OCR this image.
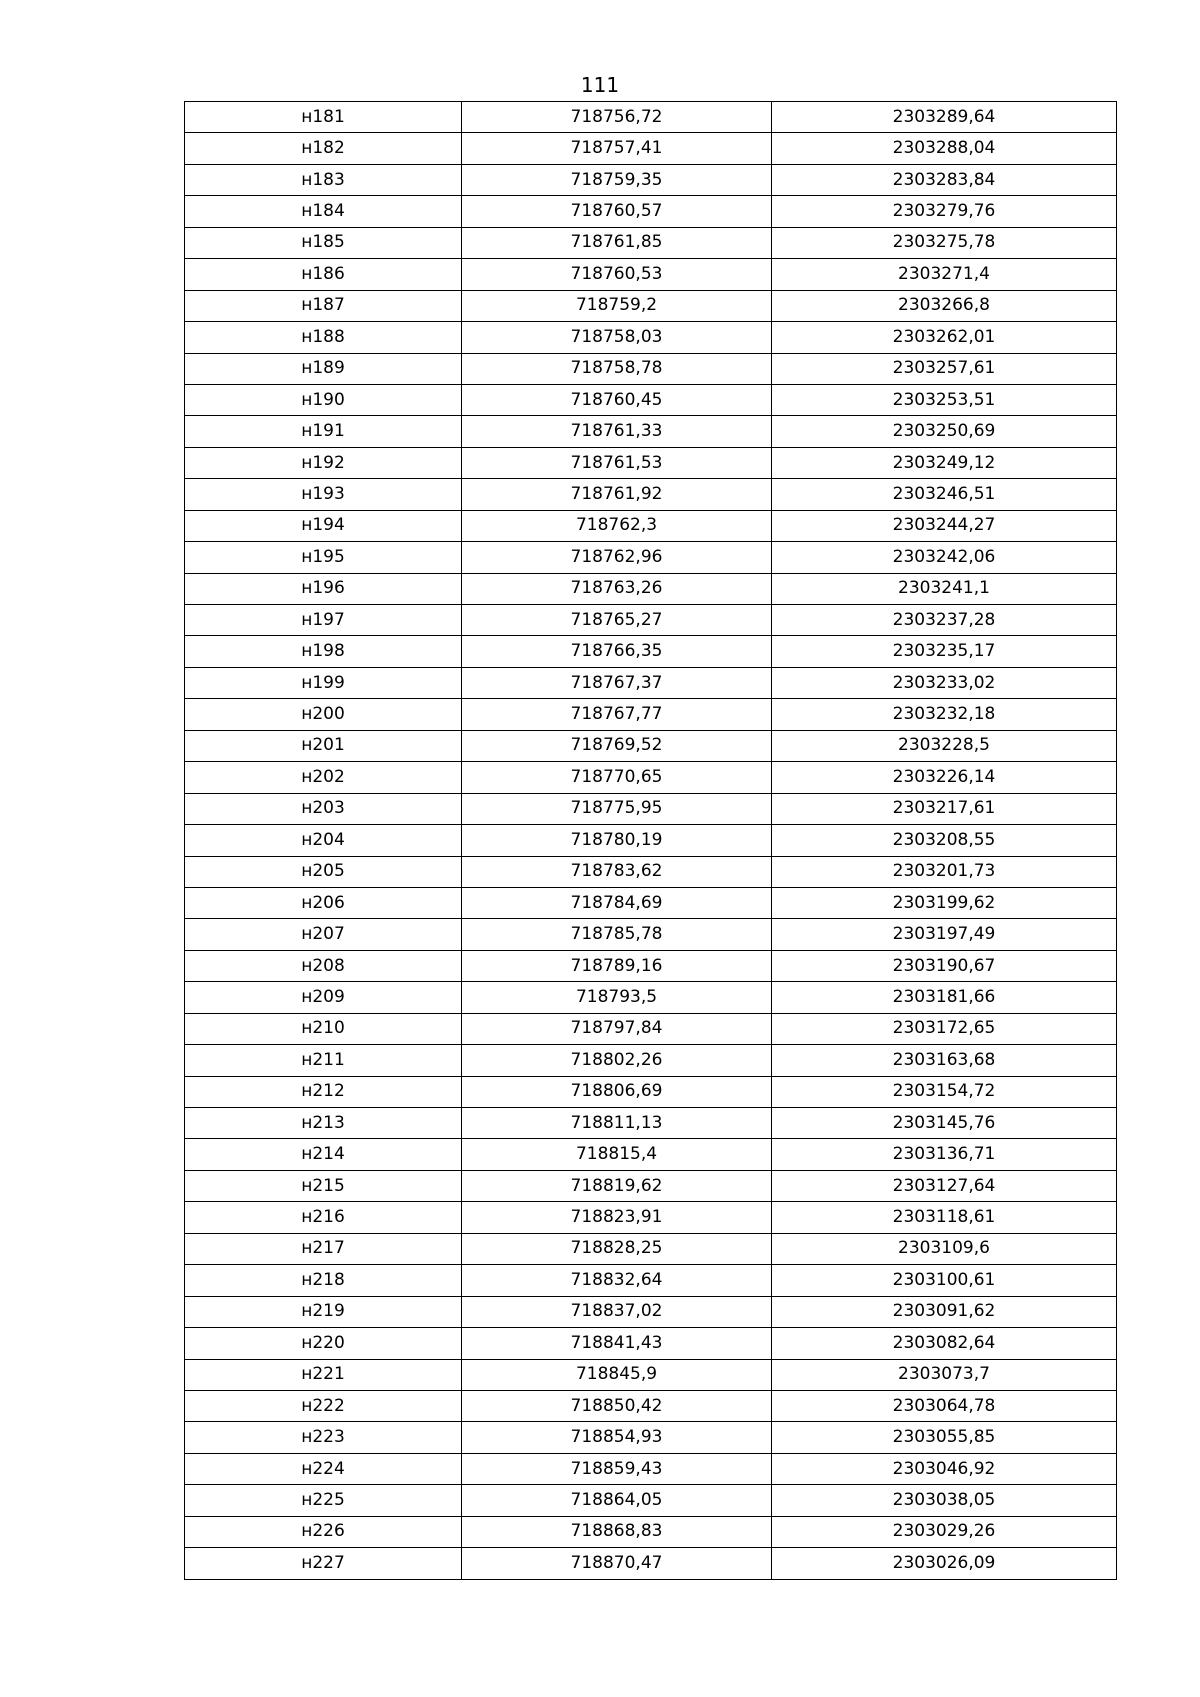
111
н181	718756,72	2303289,64
н182	718757,41	2303288,04
н183	718759,35	2303283,84
н184	718760,57	2303279,76
н185	718761,85	2303275,78
н186	718760,53	2303271,4
н187	718759,2	2303266,8
н188	718758,03	2303262,01
н189	718758,78	2303257,61
н190	718760,45	2303253,51
н191	718761,33	2303250,69
н192	718761,53	2303249,12
н193	718761,92	2303246,51
н194	718762,3	2303244,27
н195	718762,96	2303242,06
н196	718763,26	2303241,1
н197	718765,27	2303237,28
н198	718766,35	2303235,17
н199	718767,37	2303233,02
н200	718767,77	2303232,18
н201	718769,52	2303228,5
н202	718770,65	2303226,14
н203	718775,95	2303217,61
н204	718780,19	2303208,55
н205	718783,62	2303201,73
н206	718784,69	2303199,62
н207	718785,78	2303197,49
н208	718789,16	2303190,67
н209	718793,5	2303181,66
н210	718797,84	2303172,65
н211	718802,26	2303163,68
н212	718806,69	2303154,72
н213	718811,13	2303145,76
н214	718815,4	2303136,71
н215	718819,62	2303127,64
н216	718823,91	2303118,61
н217	718828,25	2303109,6
н218	718832,64	2303100,61
н219	718837,02	2303091,62
н220	718841,43	2303082,64
н221	718845,9	2303073,7
н222	718850,42	2303064,78
н223	718854,93	2303055,85
н224	718859,43	2303046,92
н225	718864,05	2303038,05
н226	718868,83	2303029,26
н227	718870,47	2303026,09
